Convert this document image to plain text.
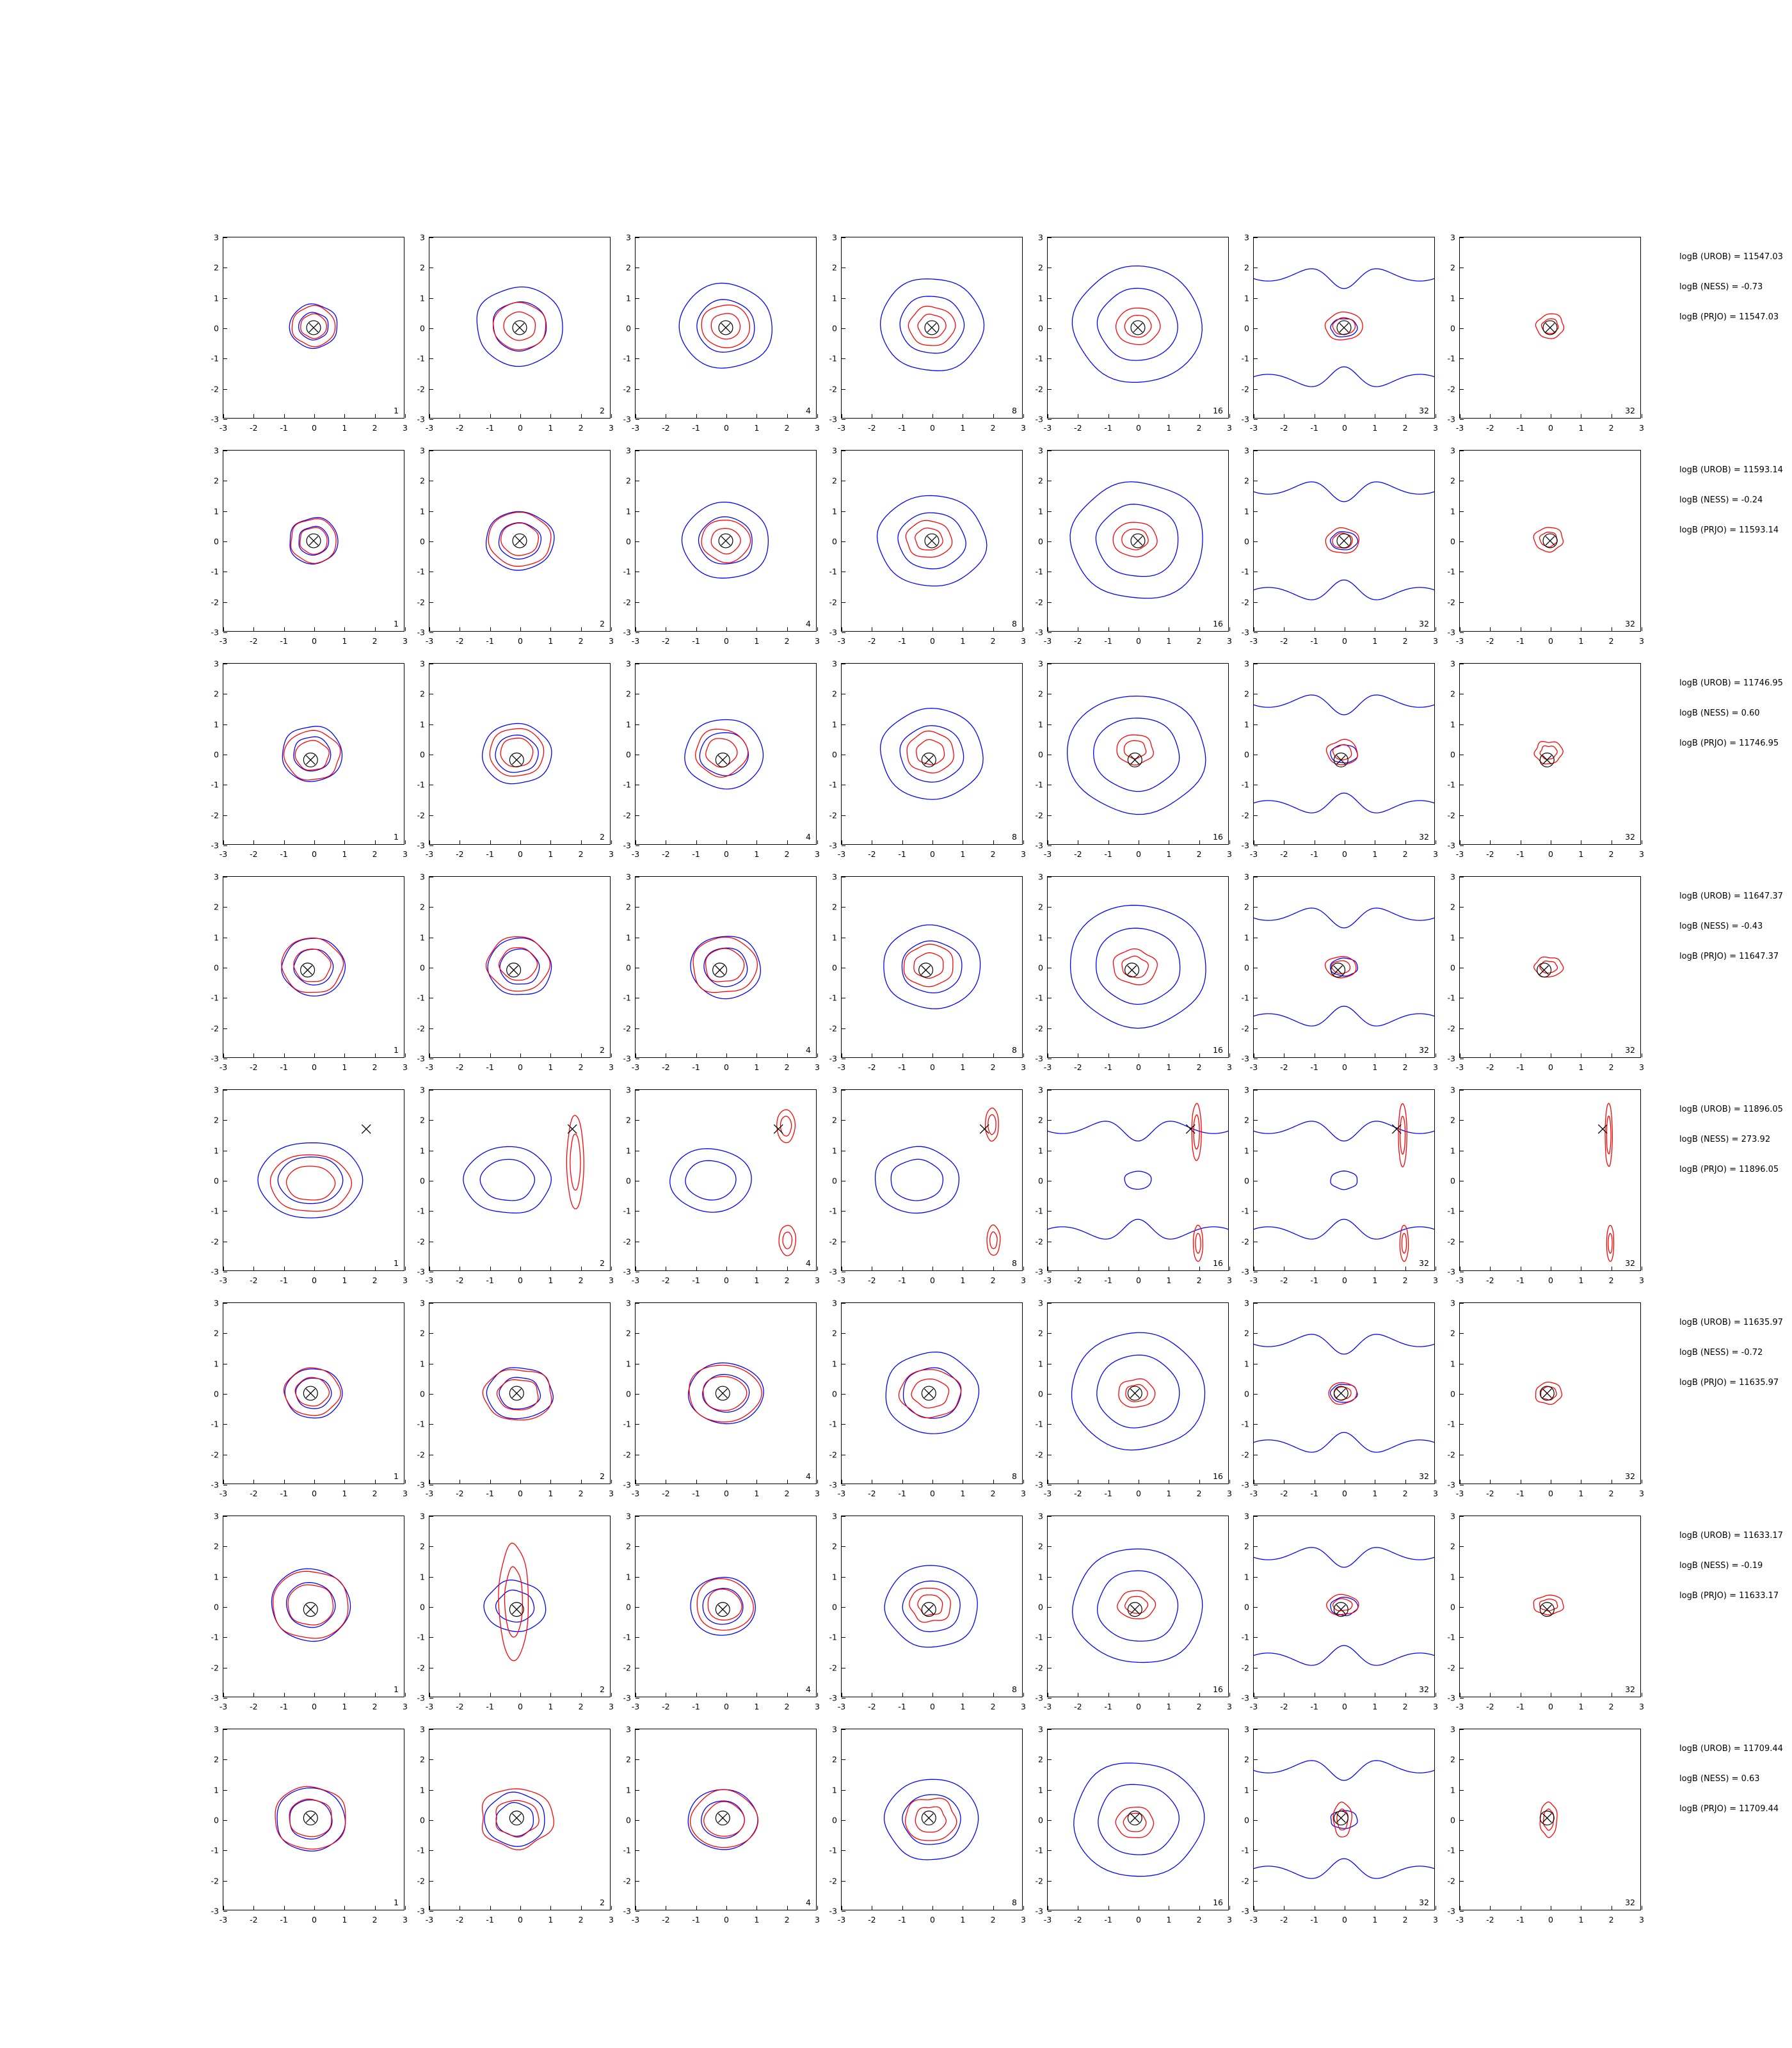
3
2
1
0
-1
-2
-3
-3	-2	-1	0	1	2	3
1
3
2
1
0
-1
-2
-3
-3	-2	-1	0	1	2	3
2
3
2
1
0
-1
-2
-3
-3	-2	-1	0	1	2	3
4
3
2
1
0
-1
-2
-3
-3	-2	-1	0	1	2	3
8
3
2
1
0
-1
-2
-3
-3	-2	-1	0	1	2	3
16
3
2
1
0
-1
-2
-3
-3	-2	-1	0	1	2	3
32
3
2
1
0
-1
-2
-3
-3	-2	-1	0	1	2	3
32
logB (UROB) = 11547.03
logB (NESS) = -0.73
logB (PRJO) = 11547.03
3
2
1
0
-1
-2
-3
-3	-2	-1	0	1	2	3
1
3
2
1
0
-1
-2
-3
-3	-2	-1	0	1	2	3
2
3
2
1
0
-1
-2
-3
-3	-2	-1	0	1	2	3
4
3
2
1
0
-1
-2
-3
-3	-2	-1	0	1	2	3
8
3
2
1
0
-1
-2
-3
-3	-2	-1	0	1	2	3
16
3
2
1
0
-1
-2
-3
-3	-2	-1	0	1	2	3
32
3
2
1
0
-1
-2
-3
-3	-2	-1	0	1	2	3
32
logB (UROB) = 11593.14
logB (NESS) = -0.24
logB (PRJO) = 11593.14
3
2
1
0
-1
-2
-3
-3	-2	-1	0	1	2	3
1
3
2
1
0
-1
-2
-3
-3	-2	-1	0	1	2	3
2
3
2
1
0
-1
-2
-3
-3	-2	-1	0	1	2	3
4
3
2
1
0
-1
-2
-3
-3	-2	-1	0	1	2	3
8
3
2
1
0
-1
-2
-3
-3	-2	-1	0	1	2	3
16
3
2
1
0
-1
-2
-3
-3	-2	-1	0	1	2	3
32
3
2
1
0
-1
-2
-3
-3	-2	-1	0	1	2	3
32
logB (UROB) = 11746.95
logB (NESS) = 0.60
logB (PRJO) = 11746.95
3
2
1
0
-1
-2
-3
-3	-2	-1	0	1	2	3
1
3
2
1
0
-1
-2
-3
-3	-2	-1	0	1	2	3
2
3
2
1
0
-1
-2
-3
-3	-2	-1	0	1	2	3
4
3
2
1
0
-1
-2
-3
-3	-2	-1	0	1	2	3
8
3
2
1
0
-1
-2
-3
-3	-2	-1	0	1	2	3
16
3
2
1
0
-1
-2
-3
-3	-2	-1	0	1	2	3
32
3
2
1
0
-1
-2
-3
-3	-2	-1	0	1	2	3
32
logB (UROB) = 11647.37
logB (NESS) = -0.43
logB (PRJO) = 11647.37
3
2
1
0
-1
-2
-3
-3	-2	-1	0	1	2	3
1
3
2
1
0
-1
-2
-3
-3	-2	-1	0	1	2	3
2
3
2
1
0
-1
-2
-3
-3	-2	-1	0	1	2	3
4
3
2
1
0
-1
-2
-3
-3	-2	-1	0	1	2	3
8
3
2
1
0
-1
-2
-3
-3	-2	-1	0	1	2	3
16
3
2
1
0
-1
-2
-3
-3	-2	-1	0	1	2	3
32
3
2
1
0
-1
-2
-3
-3	-2	-1	0	1	2	3
32
logB (UROB) = 11896.05
logB (NESS) = 273.92
logB (PRJO) = 11896.05
3
2
1
0
-1
-2
-3
-3	-2	-1	0	1	2	3
1
3
2
1
0
-1
-2
-3
-3	-2	-1	0	1	2	3
2
3
2
1
0
-1
-2
-3
-3	-2	-1	0	1	2	3
4
3
2
1
0
-1
-2
-3
-3	-2	-1	0	1	2	3
8
3
2
1
0
-1
-2
-3
-3	-2	-1	0	1	2	3
16
3
2
1
0
-1
-2
-3
-3	-2	-1	0	1	2	3
32
3
2
1
0
-1
-2
-3
-3	-2	-1	0	1	2	3
32
logB (UROB) = 11635.97
logB (NESS) = -0.72
logB (PRJO) = 11635.97
3
2
1
0
-1
-2
-3
-3	-2	-1	0	1	2	3
1
3
2
1
0
-1
-2
-3
-3	-2	-1	0	1	2	3
2
3
2
1
0
-1
-2
-3
-3	-2	-1	0	1	2	3
4
3
2
1
0
-1
-2
-3
-3	-2	-1	0	1	2	3
8
3
2
1
0
-1
-2
-3
-3	-2	-1	0	1	2	3
16
3
2
1
0
-1
-2
-3
-3	-2	-1	0	1	2	3
32
3
2
1
0
-1
-2
-3
-3	-2	-1	0	1	2	3
32
logB (UROB) = 11633.17
logB (NESS) = -0.19
logB (PRJO) = 11633.17
3
2
1
0
-1
-2
-3
-3	-2	-1	0	1	2	3
1
3
2
1
0
-1
-2
-3
-3	-2	-1	0	1	2	3
2
3
2
1
0
-1
-2
-3
-3	-2	-1	0	1	2	3
4
3
2
1
0
-1
-2
-3
-3	-2	-1	0	1	2	3
8
3
2
1
0
-1
-2
-3
-3	-2	-1	0	1	2	3
16
3
2
1
0
-1
-2
-3
-3	-2	-1	0	1	2	3
32
3
2
1
0
-1
-2
-3
-3	-2	-1	0	1	2	3
32
logB (UROB) = 11709.44
logB (NESS) = 0.63
logB (PRJO) = 11709.44
